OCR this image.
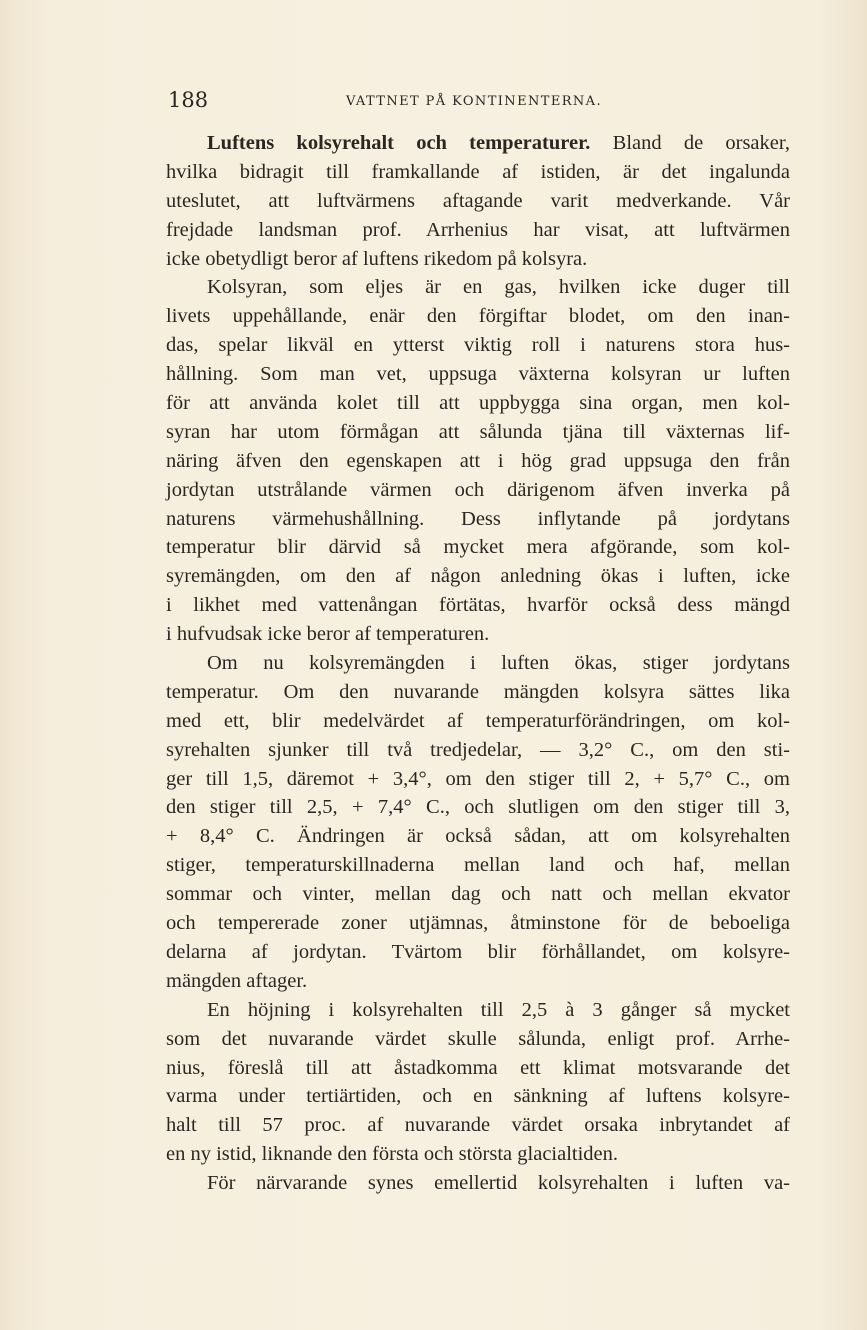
188	VATTNET PÅ KONTINENTERNA.
Luftens kolsyrehalt och temperaturer. Bland de orsaker,
hvilka bidragit till framkallande af istiden, är det ingalunda
uteslutet, att luftvärmens aftagande varit medverkande. Vår
frejdade landsman prof. Arrhenius har visat, att luftvärmen
icke obetydligt beror af luftens rikedom på kolsyra.
Kolsyran, som eljes är en gas, hvilken icke duger till
livets uppehållande, enär den förgiftar blodet, om den inan-
das, spelar likväl en ytterst viktig roll i naturens stora hus-
hållning. Som man vet, uppsuga växterna kolsyran ur luften
för att använda kolet till att uppbygga sina organ, men kol-
syran har utom förmågan att sålunda tjäna till växternas lif-
näring äfven den egenskapen att i hög grad uppsuga den från
jordytan utstrålande värmen och därigenom äfven inverka på
naturens värmehushållning. Dess inflytande på jordytans
temperatur blir därvid så mycket mera afgörande, som kol-
syremängden, om den af någon anledning ökas i luften, icke
i likhet med vattenångan förtätas, hvarför också dess mängd
i hufvudsak icke beror af temperaturen.
Om nu kolsyremängden i luften ökas, stiger jordytans
temperatur. Om den nuvarande mängden kolsyra sättes lika
med ett, blir medelvärdet af temperaturförändringen, om kol-
syrehalten sjunker till två tredjedelar, — 3,2° C., om den sti-
ger till 1,5, däremot + 3,4°, om den stiger till 2, + 5,7° C., om
den stiger till 2,5, + 7,4° C., och slutligen om den stiger till 3,
+ 8,4° C. Ändringen är också sådan, att om kolsyrehalten
stiger, temperaturskillnaderna mellan land och haf, mellan
sommar och vinter, mellan dag och natt och mellan ekvator
och tempererade zoner utjämnas, åtminstone för de beboeliga
delarna af jordytan. Tvärtom blir förhållandet, om kolsyre-
mängden aftager.
En höjning i kolsyrehalten till 2,5 à 3 gånger så mycket
som det nuvarande värdet skulle sålunda, enligt prof. Arrhe-
nius, föreslå till att åstadkomma ett klimat motsvarande det
varma under tertiärtiden, och en sänkning af luftens kolsyre-
halt till 57 proc. af nuvarande värdet orsaka inbrytandet af
en ny istid, liknande den första och största glacialtiden.
För närvarande synes emellertid kolsyrehalten i luften va-
